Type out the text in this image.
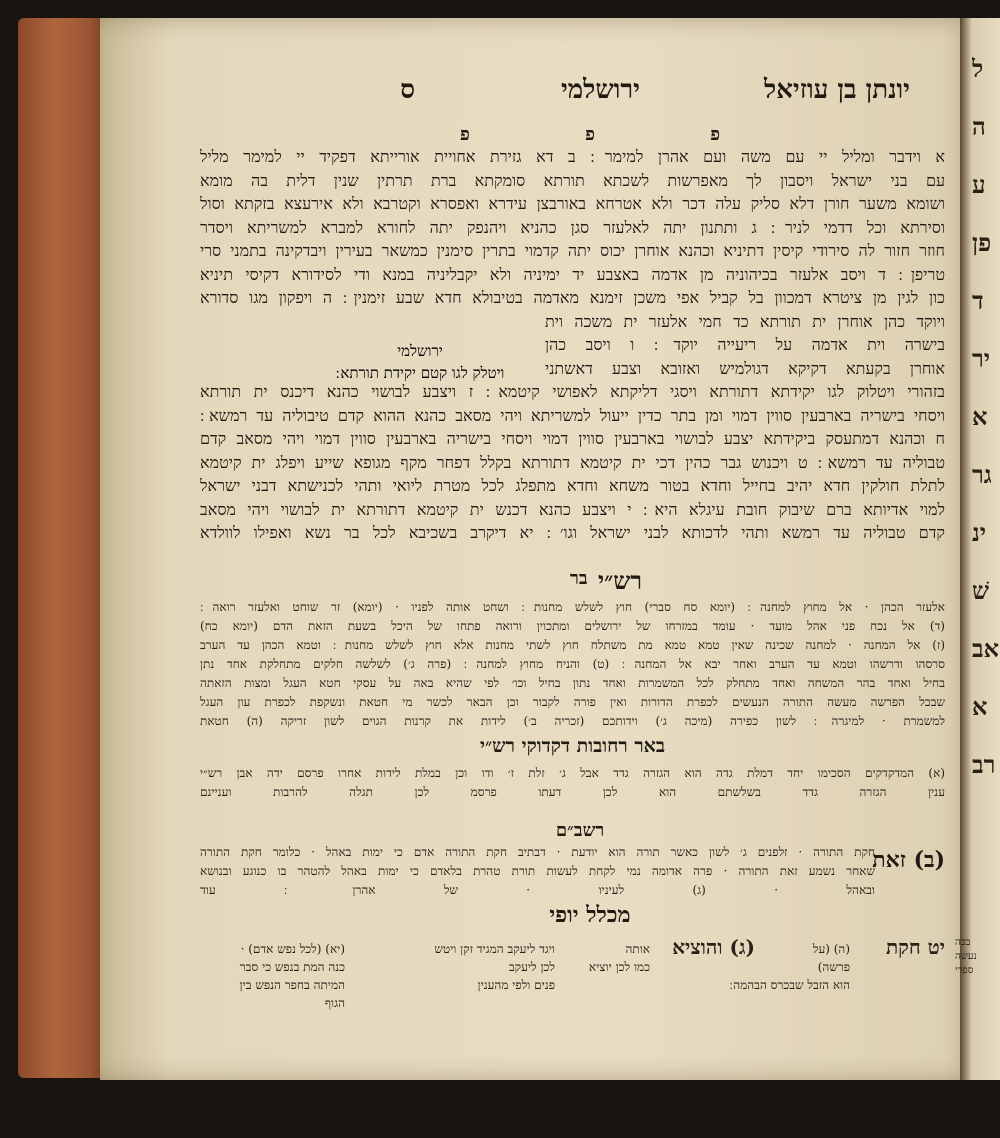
ל
ה
ע
פן
ד
יר
א
גר
ינ
שׁ
אב
א
רב
יונתן בן עוזיאל
ירושלמי
ס
פ
פ
פ
א וידבר ומליל יי עם משה ועם אהרן למימר ׃ ב דא גזירת אחויית אורייתא דפקיד יי למימר מליל
עם בני ישראל ויסבון לך מאפרשות לשכתא תורתא סומקתא ברת תרתין שנין דלית בה מומא
ושומא משער חורן דלא סליק עלה דכר ולא אטרחא באורבצן עידרא ואפסרא וקטרבא ולא אירעצא בזקתא וסול
וסירתא וכל דדמי לניר ׃ ג ותתנון יתה לאלעזר סגן כהניא ויהנפק יתה לחורא למברא למשריתא ויסדר
חוזר חזור לה סירודי קיסין דתיניא וכהנא אוחרן יכוס יתה קדמוי בתרין סימנין כמשאר בעירין ויבדקינה בתמני סרי
טריפן ׃ ד ויסב אלעזר בכיהוניה מן אדמה באצבע יד ימיניה ולא יקבליניה במנא ודי לסידורא דקיסי תיניא
כון לגין מן ציטרא דמכוון בל קביל אפי משכן זימנא מאדמה בטיבולא חדא שבע זימנין ׃ ה ויפקון מגו סדורא
ויוקד כהן אוחרן ית תורתא כד חמי אלעזר ית משכה וית
בישרה וית אדמה על ריעייה יוקד ׃ ו ויסב כהן
אוחרן בקעתא דקיקא דגולמיש ואזובא וצבע דאשתני
בזהורי ויטלוק לגו יקידתא דתורתא ויסגי דליקתא לאפושי קיטמא ׃ ז ויצבע לבושוי כהנא דיכנס ית תורתא
ויסחי בישריה בארבעין סווין דמוי ומן בתר כדין ייעול למשריתא ויהי מסאב כהנא ההוא קדם טיבוליה עד רמשא ׃
ח וכהנא דמתעסק ביקידתא יצבע לבושוי בארבעין סווין דמוי ויסחי בישריה בארבעין סווין דמוי ויהי מסאב קדם
טבוליה עד רמשא ׃ ט ויכנוש גבר כהין דכי ית קיטמא דתורתא בקלל דפחר מקף מגופא שייע ויפלג ית קיטמא
לתלת חולקין חדא יהיב בחייל וחדא בטור משחא וחדא מתפלג לכל מטרת ליואי ותהי לכנישתא דבני ישראל
למוי אדיותא ברם שיבוק חובת עיגלא היא ׃ י ויצבע כהנא דכנש ית קיטמא דתורתא ית לבושוי ויהי מסאב
קדם טבוליה עד רמשא ותהי לדכותא לבני ישראל וגו׳ ׃ יא דיקרב בשכיבא לכל בר נשא ואפילו לוולדא
ירושלמי
ויטלק לגו קטם יקידת תורתא ׃
בר רש״י
אלעזר הכהן · אל מחוץ למחנה ׃ (יומא סח סברי) חוץ לשלש מחנות ׃ ושחט אותה לפניו · (יומא) זר שוחט ואלעזר רואה ׃
(ד) אל נכח פני אהל מועד · עומד במזרחו של ירושלים ומתכוין ורואה פתחו של היכל בשעת הזאת הדם (יומא כח)
(ז) אל המחנה · למחנה שכינה שאין טמא טמא מת משתלח חוץ לשתי מחנות אלא חוץ לשלש מחנות ׃ וטמא הכהן עד הערב
סרסהו ודרשהו וטמא עד הערב ואחר יבא אל המחנה ׃ (ט) והניח מחוץ למחנה ׃ (פרה ג׳) לשלשה חלקים מתחלקת אחד נתן
בחיל ואחד בהר המשחה ואחד מתחלק לכל המשמרות ואחד נתון בחיל וכו׳ לפי שהיא באה על עסקי חטא העגל ומצות הזאתה
שבכל הפרשה מעשה התורה הנעשים לכפרת הדורות ואין פורה לקבור וכן הבאר לכשר מי חטאת ונשקפת לכפרת עון העגל
למשמרת · למיגרה ׃ לשון כפירה (מיכה ג׳) וידותכם (זכריה ב׳) לידות את קרנות הגוים לשון זריקה (ה) חטאת
באר רחובות דקדוקי רש״י
(א) המדקדקים הסכימו יחד דמלת גדה הוא הגזרה גדד אבל ג׳ זלת ז׳ ודו וכן במלת לידות אחרו פרסם ידה אבן רש״י
ענין הגזרה גדד בשלשתם הוא לכן דעתו פרסמ לכן תגלה להרבות ועניינם
רשב״ם
(ב) זאת
חקת התורה · זלפנים ג׳ לשון כאשר תורה הוא יודעת · דבתיב חקת התורה אדם כי ימות באהל · כלומר חקת התורה
שאחר נשמע זאת התורה · פרה אדומה נמי לקחת לעשות תורת טהרת בלאדם כי ימות באהל להטהר בו כנוגע ובנושא
ובאהל · (ג) לעיניו · של אהרן ׃ עוד
מכלל יופי
יט חקת
(ה) (על
פרשה)
הוא הזבל שבכרס הבהמה ׃
(ג) והוציא
אותה
כמו לכן יוציא
ויגד ליעקב המגיד זקן ויטש
לכן ליעקב
פנים ולפי מהענין
(יא) (לכל נפש אדם) ·
כנה המת בנפש כי סבר
המיתה בחפר הנפש בין
הגוף
בכה
נעשה
ספרי
